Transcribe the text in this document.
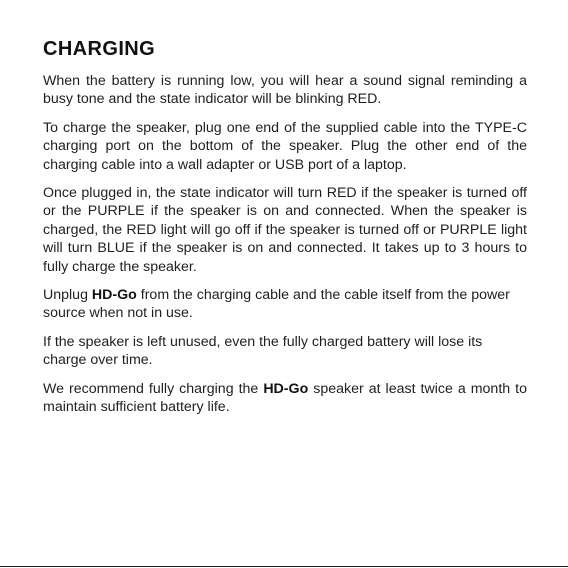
CHARGING

When the battery is running low, you will hear a sound signal reminding a busy tone and the state indicator will be blinking RED.

To charge the speaker, plug one end of the supplied cable into the TYPE-C charging port on the bottom of the speaker. Plug the other end of the charging cable into a wall adapter or USB port of a laptop.

Once plugged in, the state indicator will turn RED if the speaker is turned off or the PURPLE if the speaker is on and connected. When the speaker is charged, the RED light will go off if the speaker is turned off or PURPLE light will turn BLUE if the speaker is on and connected. It takes up to 3 hours to fully charge the speaker.

Unplug HD-Go from the charging cable and the cable itself from the power source when not in use.

If the speaker is left unused, even the fully charged battery will lose its charge over time.

We recommend fully charging the HD-Go speaker at least twice a month to maintain sufficient battery life.
